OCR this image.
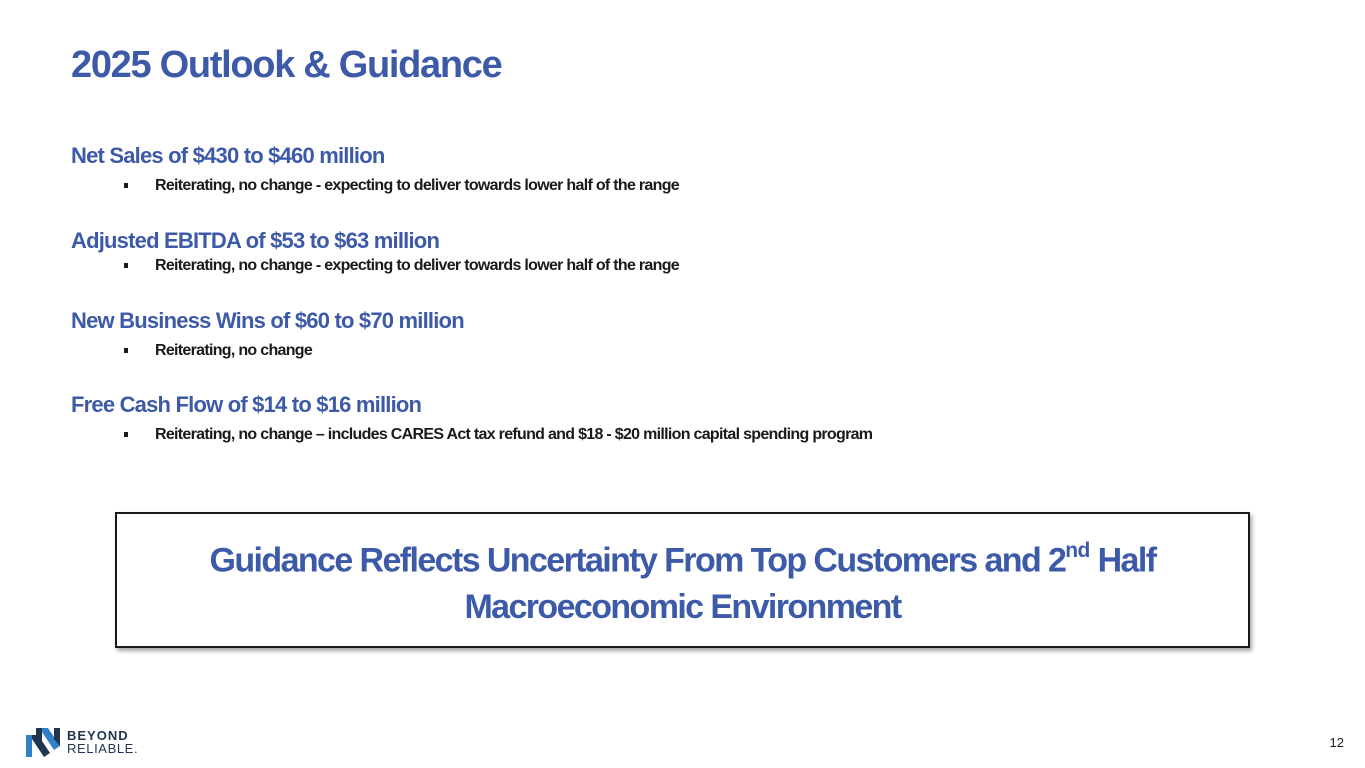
2025 Outlook & Guidance
Net Sales of $430 to $460 million
Reiterating, no change - expecting to deliver towards lower half of the range
Adjusted EBITDA of $53 to $63 million
Reiterating, no change - expecting to deliver towards lower half of the range
New Business Wins of $60 to $70 million
Reiterating, no change
Free Cash Flow of $14 to $16 million
Reiterating, no change – includes CARES Act tax refund and $18 - $20 million capital spending program
Guidance Reflects Uncertainty From Top Customers and 2nd Half
Macroeconomic Environment
BEYOND
RELIABLE.	12
